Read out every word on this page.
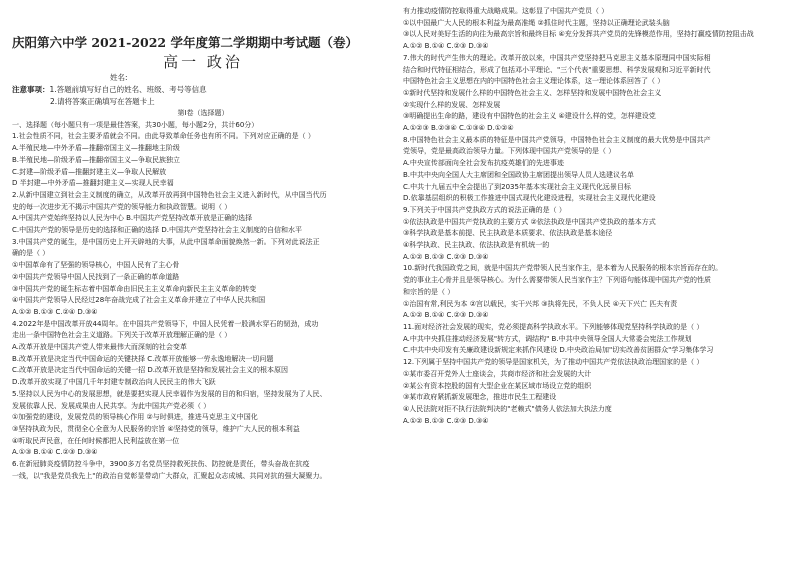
庆阳第六中学 2021-2022 学年度第二学期期中考试题（卷）
高一 政治
姓名:
注意事项：1.答题前填写好自己的姓名、班级、考号等信息
2.请将答案正确填写在答题卡上
第I卷（选择题）
一、选择题（每小题只有一项是最佳答案，共30小题，每小题2分，共计60分）
1.社会性质不同，社会主要矛盾就会不同。由此导致革命任务也有所不同。下列对应正确的是（ ）
A.半殖民地—中外矛盾—推翻帝国主义—推翻地主阶级
B.半殖民地—阶级矛盾—推翻帝国主义—争取民族独立
C.封建—阶级矛盾—推翻封建主义—争取人民解放
D 半封建—中外矛盾—推翻封建主义—实现人民幸福
2.从新中国建立到社会主义制度的确立，从改革开放再到中国特色社会主义进入新时代，从中国当代历
史的每一次进步无不揭示中国共产党的领导能力和执政智慧。说明（ ）
A.中国共产党始终坚持以人民为中心 B.中国共产党坚持改革开放是正确的选择
C.中国共产党的领导是历史的选择和正确的选择 D.中国共产党坚持社会主义制度的自信和水平
3.中国共产党的诞生，是中国历史上开天辟地的大事，从此中国革命面貌焕然一新。下列对此说法正
确的是（ ）
①中国革命有了坚强的领导核心，中国人民有了主心骨
②中国共产党领导中国人民找到了一条正确的革命道路
③中国共产党的诞生标志着中国革命由旧民主主义革命向新民主主义革命的转变
④中国共产党领导人民经过28年奋战完成了社会主义革命并建立了中华人民共和国
A.①② B.①③ C.②④ D.③④
4.2022年是中国改革开放44周年。在中国共产党领导下，中国人民凭着一股满水穿石的韧劲，成功
走出一条中国特色社会主义道路。下列关于改革开放理解正确的是（ ）
A.改革开放是中国共产党人带来最伟大而深刻的社会变革
B.改革开放是决定当代中国命运的关键抉择 C.改革开放能够一劳永逸地解决一切问题
C.改革开放是决定当代中国命运的关键一招 D.改革开放是坚持和发展社会主义的根本原因
D.改革开放实现了中国几千年封建专制政治向人民民主的伟大飞跃
5.坚持以人民为中心的发展思想，就是要把实现人民幸福作为发展的目的和归宿，坚持发展为了人民、
发展依靠人民、发展成果由人民共享。为此中国共产党必须（ ）
①加强党的建设，发展党员的领导核心作用 ②与时俱进，推进马克思主义中国化
③坚持执政为民，贯彻全心全意为人民服务的宗旨 ④坚持党的领导，维护广大人民的根本利益
④听取民声民意，在任何时候都把人民利益放在第一位
A.①③ B.①④ C.②③ D.③④
6.在新冠肺炎疫情防控斗争中，3900多万名党员坚持救死扶伤、防控就是责任，带头奋战在抗疫
一线，以"我是党员我先上"的政治自觉彰显带动广大群众，汇聚起众志成城、共同对抗的强大凝聚力。
有力推动疫情防控取得重大战略成果。这彰显了中国共产党员（ ）
①以中国最广大人民的根本利益为最高准绳 ②抓住时代主题，坚持以正确理论武装头脑
③以人民对美好生活的向往为最高宗旨和最终目标 ④充分发挥共产党员的先锋模范作用，坚持打赢疫情防控阻击战
A.①② B.①④ C.②③ D.③④
7.伟大的时代产生伟大的理论。改革开放以来，中国共产党坚持把马克思主义基本原理同中国实际相
结合和时代特征相结合，形成了包括邓小平理论、"三个代表"重要思想、科学发展观和习近平新时代
中国特色社会主义思想在内的中国特色社会主义理论体系，这一理论体系回答了（ ）
①新时代坚持和发展什么样的中国特色社会主义、怎样坚持和发展中国特色社会主义
②实现什么样的发展、怎样发展
③明确提出生命的路，建设有中国特色的社会主义 ④建设什么样的党，怎样建设党
A.①②③ B.②③④ C.①③④ D.①②④
8.中国特色社会主义最本质的特征是中国共产党领导，中国特色社会主义制度的最大优势是中国共产
党领导，党是最高政治领导力量。下列体现中国共产党领导的是（ ）
A.中央宣传部面向全社会发布抗疫英雄们的先进事迹
B.中共中央向全国人大主席团和全国政协主席团提出领导人员人选建议名单
C.中共十九届五中全会提出了到2035年基本实现社会主义现代化远景目标
D.依靠基层组织的积极工作推进中国式现代化建设进程，实现社会主义现代化建设
9.下列关于中国共产党执政方式的说法正确的是（ ）
①依法执政是中国共产党执政的主要方式 ②依法执政是中国共产党执政的基本方式
③科学执政是基本前提、民主执政是本质要求、依法执政是基本途径
④科学执政、民主执政、依法执政是有机统一的
A.①② B.①③ C.②③ D.③④
10.新时代我国政党之间，就是中国共产党带领人民当家作主，是本着为人民服务的根本宗旨而存在的。
党的事业主心骨并且是领导核心。为什么需要带领人民当家作主？下列语句能体现中国共产党的性质
和宗旨的是（ ）
①治国有常,利民为本 ②宫以载民，实干兴邦 ③执将先民，不负人民 ④天下兴亡 匹夫有责
A.①② B.①④ C.②③ D.③④
11.面对经济社会发展的现实，党必须提高科学执政水平。下列能够体现党坚持科学执政的是（ ）
A.中共中央抓住推动经济发展"转方式，调结构" B.中共中央领导全国人大常委会宪法工作规划
C.中共中央印发有关廉政建设新规定来抓作风建设 D.中央政治局加"切实改善贫困群众"学习集体学习
12.下列属于坚持中国共产党的领导是国家机关，为了推动中国共产党依法执政治理国家的是（ ）
①某市委召开党外人士座谈会，共商市经济和社会发展的大计
②某公有资本控股的国有大型企业在某区域市场设立党的组织
③某市政府紧抓新发展理念，推进市民生工程建设
④人民法院对拒不执行法院判决的"老赖式"债务人依法加大执法力度
A.①② B.①③ C.②③ D.③④
